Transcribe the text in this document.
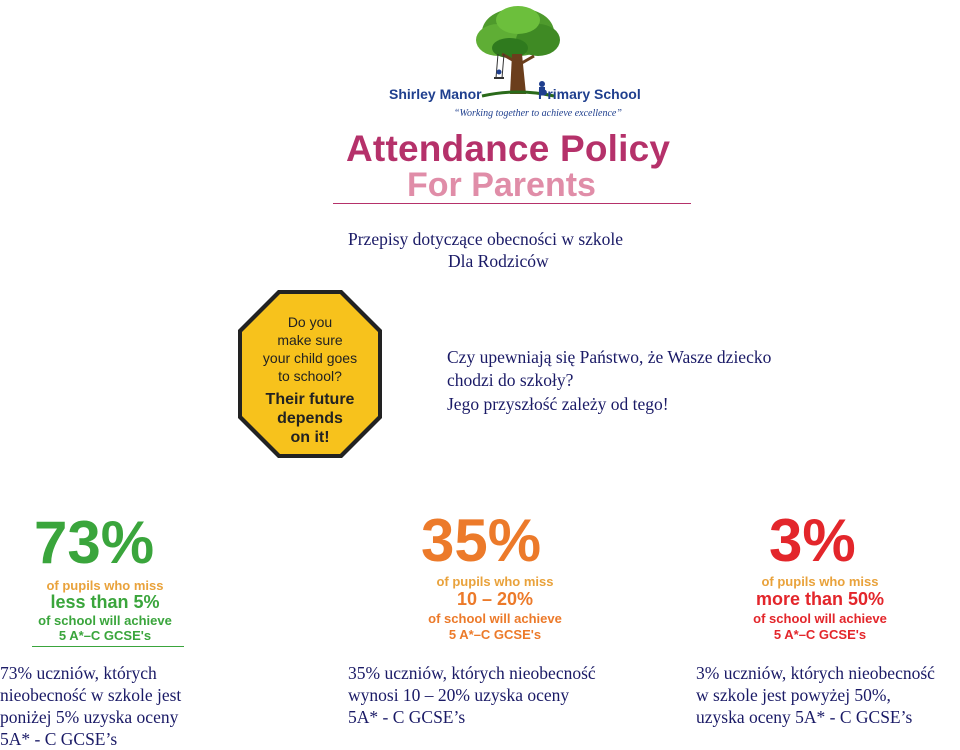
Shirley Manor	Primary School
“Working together to achieve excellence”
Attendance Policy
For Parents
Przepisy dotyczące obecności w szkole
Dla Rodziców
Do you
make sure
your child goes
to school?
Their future
depends
on it!
Czy upewniają się Państwo, że Wasze dziecko
chodzi do szkoły?
Jego przyszłość zależy od tego!
73%
of pupils who miss
less than 5%
of school will achieve
5 A*–C GCSE's
35%
of pupils who miss
10 – 20%
of school will achieve
5 A*–C GCSE's
3%
of pupils who miss
more than 50%
of school will achieve
5 A*–C GCSE's
73% uczniów, których
nieobecność w szkole jest
poniżej 5% uzyska oceny
5A* - C GCSE’s
35% uczniów, których nieobecność
wynosi 10 – 20% uzyska oceny
5A* - C GCSE’s
3% uczniów, których nieobecność
w szkole jest powyżej 50%,
uzyska oceny 5A* - C GCSE’s
